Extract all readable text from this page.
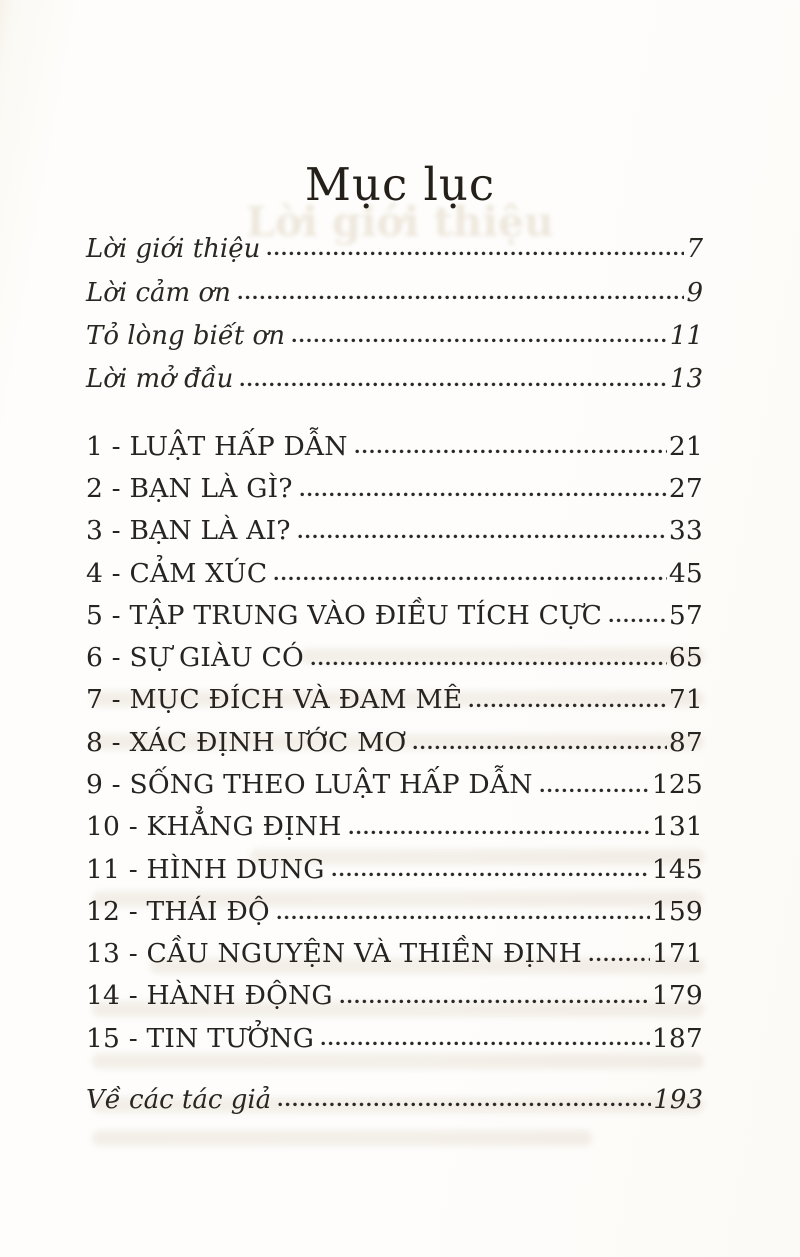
Lời giới thiệu
Mục lục
Lời giới thiệu	7
Lời cảm ơn	9
Tỏ lòng biết ơn	11
Lời mở đầu	13
1 - LUẬT HẤP DẪN	21
2 - BẠN LÀ GÌ?	27
3 - BẠN LÀ AI?	33
4 - CẢM XÚC	45
5 - TẬP TRUNG VÀO ĐIỀU TÍCH CỰC	57
6 - SỰ GIÀU CÓ	65
7 - MỤC ĐÍCH VÀ ĐAM MÊ	71
8 - XÁC ĐỊNH ƯỚC MƠ	87
9 - SỐNG THEO LUẬT HẤP DẪN	125
10 - KHẲNG ĐỊNH	131
11 - HÌNH DUNG	145
12 - THÁI ĐỘ	159
13 - CẦU NGUYỆN VÀ THIỀN ĐỊNH	171
14 - HÀNH ĐỘNG	179
15 - TIN TƯỞNG	187
Về các tác giả	193
